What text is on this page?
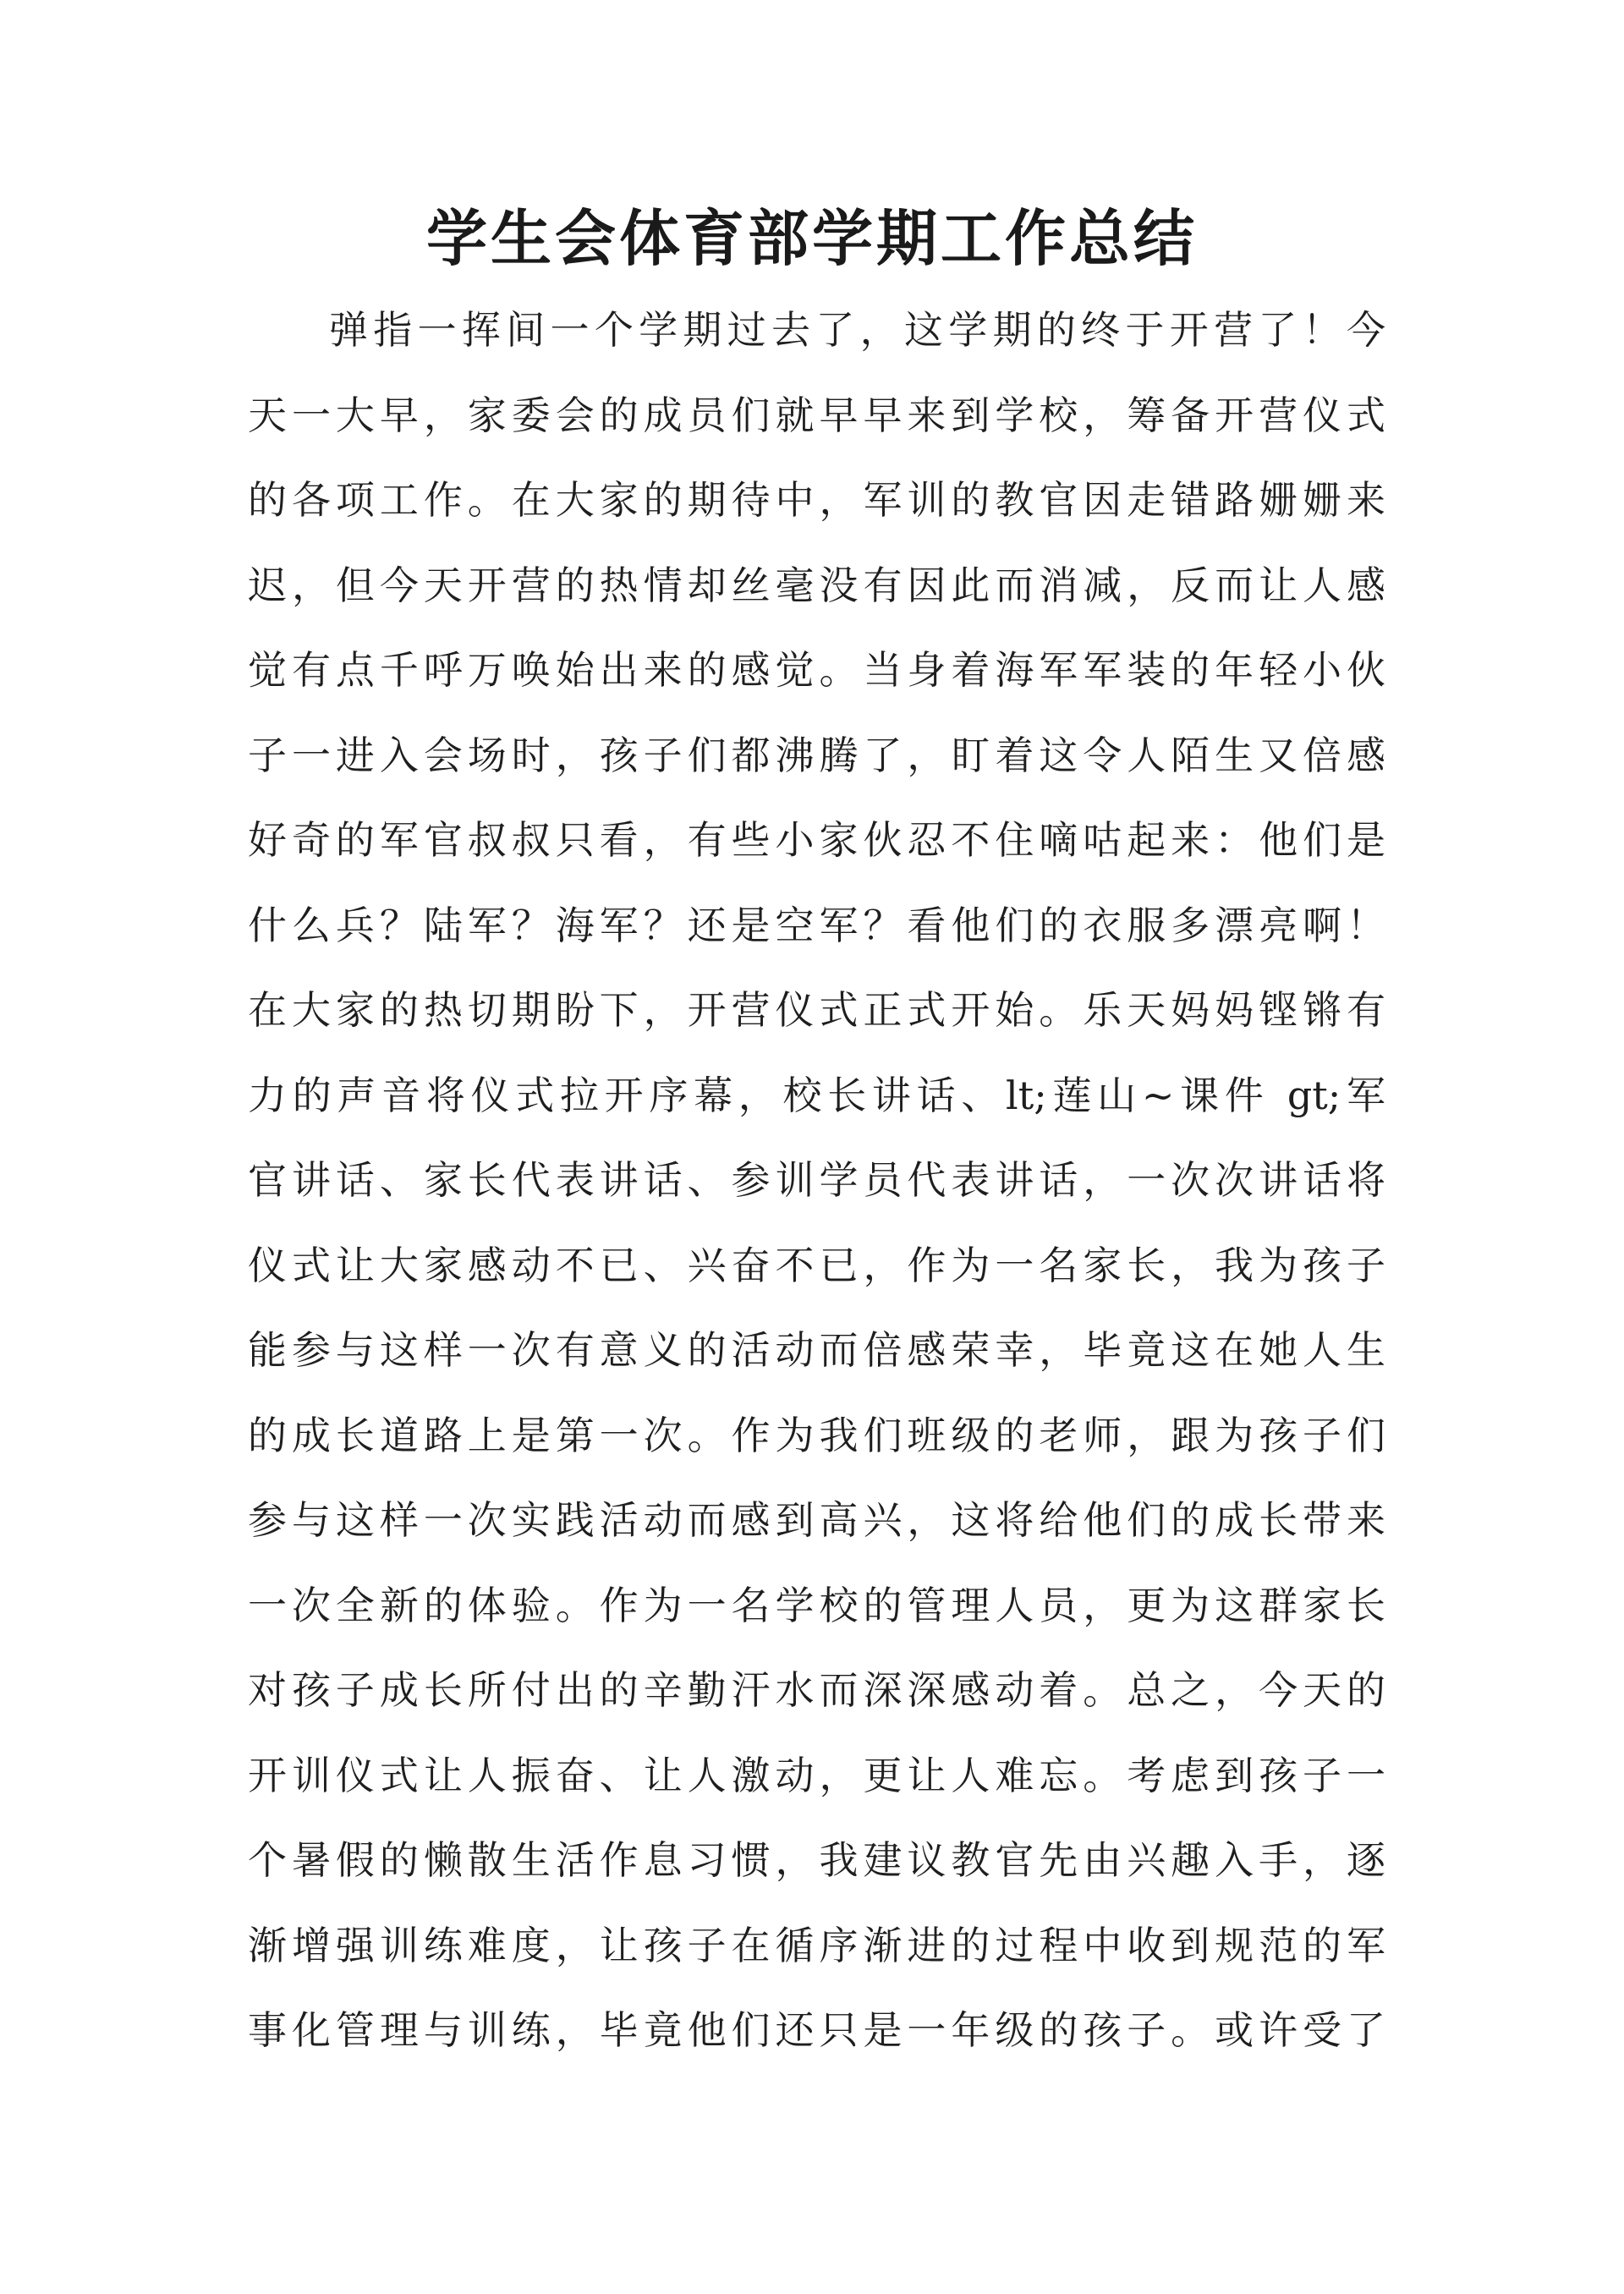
学生会体育部学期工作总结
弹指一挥间一个学期过去了，这学期的终于开营了！今
天一大早，家委会的成员们就早早来到学校，筹备开营仪式
的各项工作。在大家的期待中，军训的教官因走错路姗姗来
迟，但今天开营的热情却丝毫没有因此而消减，反而让人感
觉有点千呼万唤始出来的感觉。当身着海军军装的年轻小伙
子一进入会场时，孩子们都沸腾了，盯着这令人陌生又倍感
好奇的军官叔叔只看，有些小家伙忍不住嘀咕起来：他们是
什么兵？陆军？海军？还是空军？看他们的衣服多漂亮啊！
在大家的热切期盼下，开营仪式正式开始。乐天妈妈铿锵有
力的声音将仪式拉开序幕，校长讲话、lt;莲山~课件 gt;军
官讲话、家长代表讲话、参训学员代表讲话，一次次讲话将
仪式让大家感动不已、兴奋不已，作为一名家长，我为孩子
能参与这样一次有意义的活动而倍感荣幸，毕竟这在她人生
的成长道路上是第一次。作为我们班级的老师，跟为孩子们
参与这样一次实践活动而感到高兴，这将给他们的成长带来
一次全新的体验。作为一名学校的管理人员，更为这群家长
对孩子成长所付出的辛勤汗水而深深感动着。总之，今天的
开训仪式让人振奋、让人激动，更让人难忘。考虑到孩子一
个暑假的懒散生活作息习惯，我建议教官先由兴趣入手，逐
渐增强训练难度，让孩子在循序渐进的过程中收到规范的军
事化管理与训练，毕竟他们还只是一年级的孩子。或许受了
